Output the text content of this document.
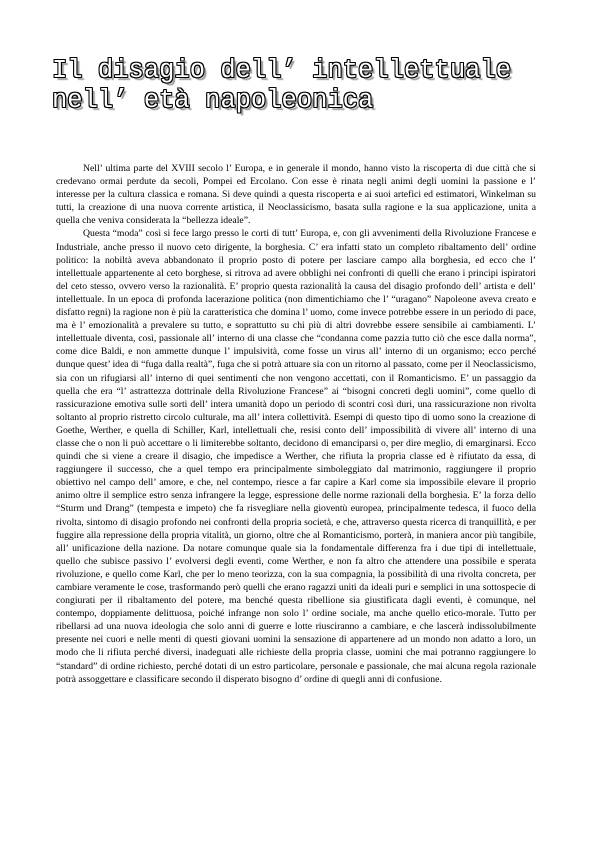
Il disagio dell’ intellettuale nell’ età napoleonica

Nell’ ultima parte del XVIII secolo l’ Europa, e in generale il mondo, hanno visto la riscoperta di due città che si credevano ormai perdute da secoli, Pompei ed Ercolano. Con esse è rinata negli animi degli uomini la passione e l’ interesse per la cultura classica e romana. Si deve quindi a questa riscoperta e ai suoi artefici ed estimatori, Winkelman su tutti, la creazione di una nuova corrente artistica, il Neoclassicismo, basata sulla ragione e la sua applicazione, unita a quella che veniva considerata la “bellezza ideale”.

Questa “moda” così si fece largo presso le corti di tutt’ Europa, e, con gli avvenimenti della Rivoluzione Francese e Industriale, anche presso il nuovo ceto dirigente, la borghesia. C’ era infatti stato un completo ribaltamento dell’ ordine politico: la nobiltà aveva abbandonato il proprio posto di potere per lasciare campo alla borghesia, ed ecco che l’ intellettuale appartenente al ceto borghese, si ritrova ad avere obblighi nei confronti di quelli che erano i principi ispiratori del ceto stesso, ovvero verso la razionalità. E’ proprio questa razionalità la causa del disagio profondo dell’ artista e dell’ intellettuale. In un epoca di profonda lacerazione politica (non dimentichiamo che l’ “uragano” Napoleone aveva creato e disfatto regni) la ragione non è più la caratteristica che domina l’ uomo, come invece potrebbe essere in un periodo di pace, ma è l’ emozionalità a prevalere su tutto, e soprattutto su chi più di altri dovrebbe essere sensibile ai cambiamenti. L’ intellettuale diventa, così, passionale all’ interno di una classe che “condanna come pazzia tutto ciò che esce dalla norma”, come dice Baldi, e non ammette dunque l’ impulsività, come fosse un virus all’ interno di un organismo; ecco perché dunque quest’ idea di “fuga dalla realtà”, fuga che si potrà attuare sia con un ritorno al passato, come per il Neoclassicismo, sia con un rifugiarsi all’ interno di quei sentimenti che non vengono accettati, con il Romanticismo. E’ un passaggio da quella che era “l’ astrattezza dottrinale della Rivoluzione Francese” ai “bisogni concreti degli uomini”, come quello di rassicurazione emotiva sulle sorti dell’ intera umanità dopo un periodo di scontri così duri, una rassicurazione non rivolta soltanto al proprio ristretto circolo culturale, ma all’ intera collettività. Esempi di questo tipo di uomo sono la creazione di Goethe, Werther, e quella di Schiller, Karl, intellettuali che, resisi conto dell’ impossibilità di vivere all’ interno di una classe che o non li può accettare o li limiterebbe soltanto, decidono di emanciparsi o, per dire meglio, di emarginarsi. Ecco quindi che si viene a creare il disagio, che impedisce a Werther, che rifiuta la propria classe ed è rifiutato da essa, di raggiungere il successo, che a quel tempo era principalmente simboleggiato dal matrimonio, raggiungere il proprio obiettivo nel campo dell’ amore, e che, nel contempo, riesce a far capire a Karl come sia impossibile elevare il proprio animo oltre il semplice estro senza infrangere la legge, espressione delle norme razionali della borghesia. E’ la forza dello “Sturm und Drang” (tempesta e impeto) che fa risvegliare nella gioventù europea, principalmente tedesca, il fuoco della rivolta, sintomo di disagio profondo nei confronti della propria società, e che, attraverso questa ricerca di tranquillità, e per fuggire alla repressione della propria vitalità, un giorno, oltre che al Romanticismo, porterà, in maniera ancor più tangibile, all’ unificazione della nazione. Da notare comunque quale sia la fondamentale differenza fra i due tipi di intellettuale, quello che subisce passivo l’ evolversi degli eventi, come Werther, e non fa altro che attendere una possibile e sperata rivoluzione, e quello come Karl, che per lo meno teorizza, con la sua compagnia, la possibilità di una rivolta concreta, per cambiare veramente le cose, trasformando però quelli che erano ragazzi uniti da ideali puri e semplici in una sottospecie di congiurati per il ribaltamento del potere, ma benché questa ribellione sia giustificata dagli eventi, è comunque, nel contempo, doppiamente delittuosa, poiché infrange non solo l’ ordine sociale, ma anche quello etico-morale. Tutto per ribellarsi ad una nuova ideologia che solo anni di guerre e lotte riusciranno a cambiare, e che lascerà indissolubilmente presente nei cuori e nelle menti di questi giovani uomini la sensazione di appartenere ad un mondo non adatto a loro, un modo che li rifiuta perché diversi, inadeguati alle richieste della propria classe, uomini che mai potranno raggiungere lo “standard” di ordine richiesto, perché dotati di un estro particolare, personale e passionale, che mai alcuna regola razionale potrà assoggettare e classificare secondo il disperato bisogno d’ ordine di quegli anni di confusione.
